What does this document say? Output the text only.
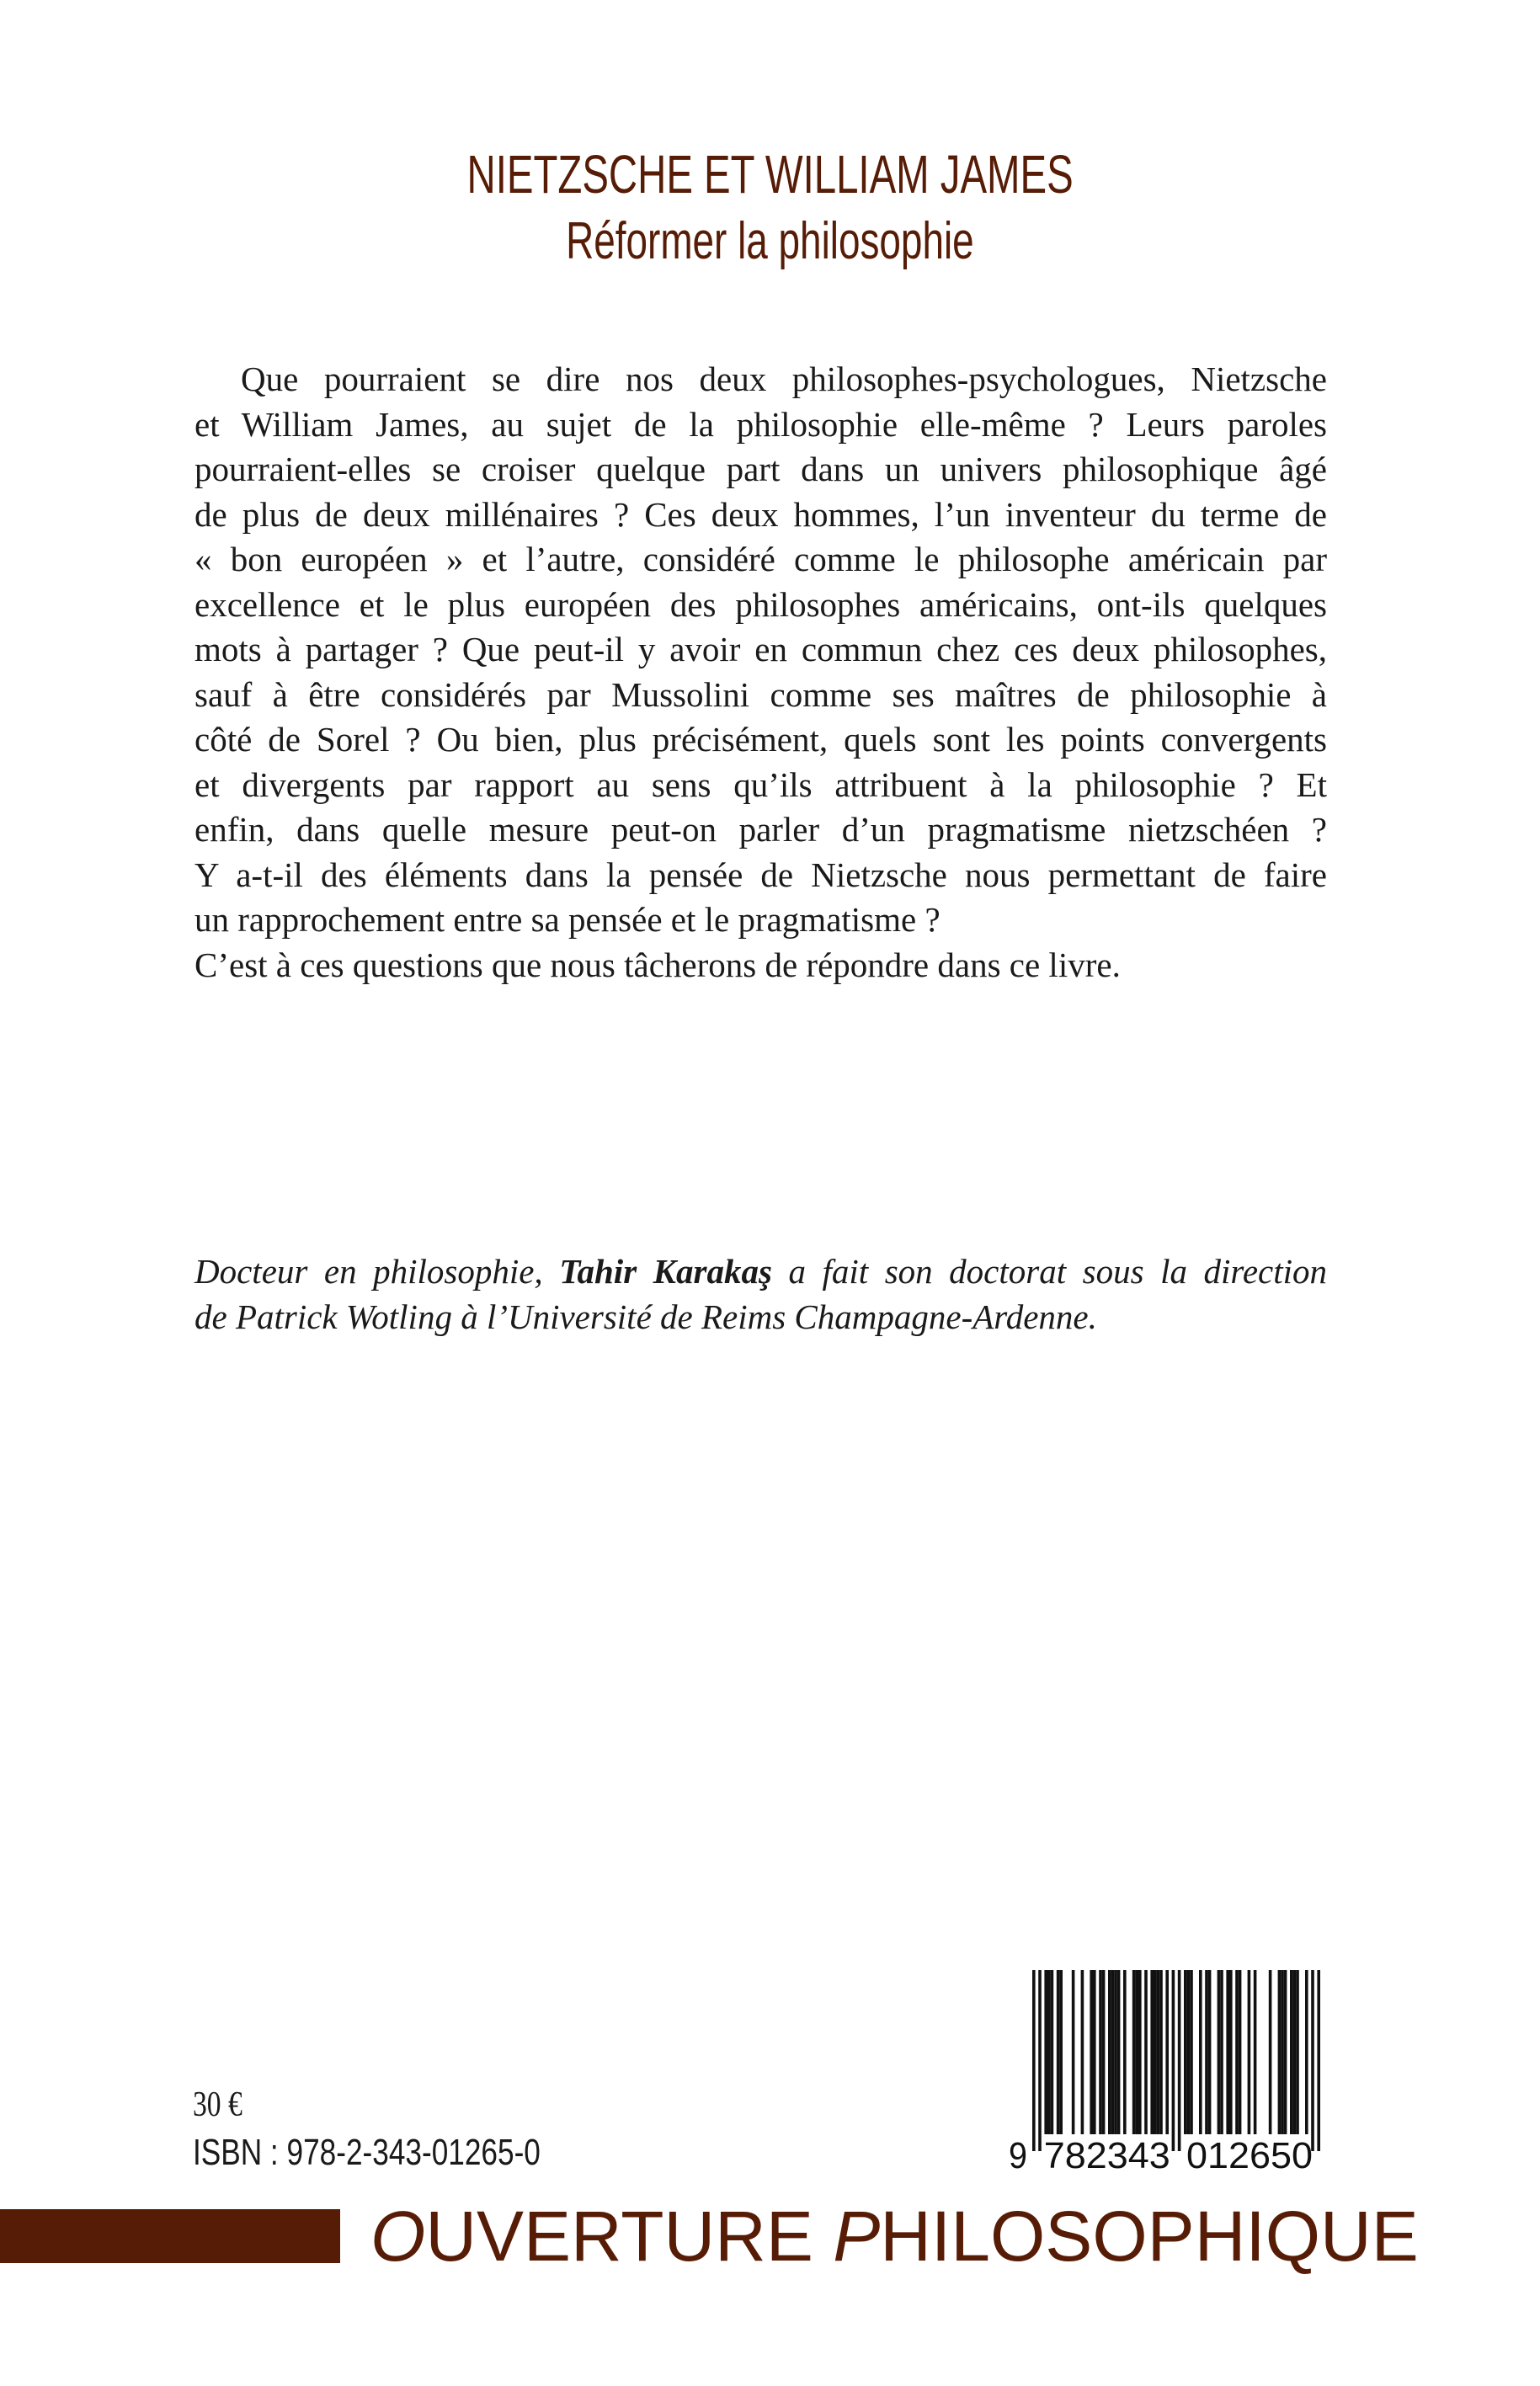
NIETZSCHE ET WILLIAM JAMES
Réformer la philosophie
Que pourraient se dire nos deux philosophes-psychologues, Nietzsche
et William James, au sujet de la philosophie elle-même ? Leurs paroles
pourraient-elles se croiser quelque part dans un univers philosophique âgé
de plus de deux millénaires ? Ces deux hommes, l’un inventeur du terme de
« bon européen » et l’autre, considéré comme le philosophe américain par
excellence et le plus européen des philosophes américains, ont-ils quelques
mots à partager ? Que peut-il y avoir en commun chez ces deux philosophes,
sauf à être considérés par Mussolini comme ses maîtres de philosophie à
côté de Sorel ? Ou bien, plus précisément, quels sont les points convergents
et divergents par rapport au sens qu’ils attribuent à la philosophie ? Et
enfin, dans quelle mesure peut-on parler d’un pragmatisme nietzschéen ?
Y a-t-il des éléments dans la pensée de Nietzsche nous permettant de faire
un rapprochement entre sa pensée et le pragmatisme ?
C’est à ces questions que nous tâcherons de répondre dans ce livre.
Docteur en philosophie, Tahir Karakaş a fait son doctorat sous la direction
de Patrick Wotling à l’Université de Reims Champagne-Ardenne.
30 €
ISBN : 978-2-343-01265-0	9 782343 012650
OUVERTURE PHILOSOPHIQUE
